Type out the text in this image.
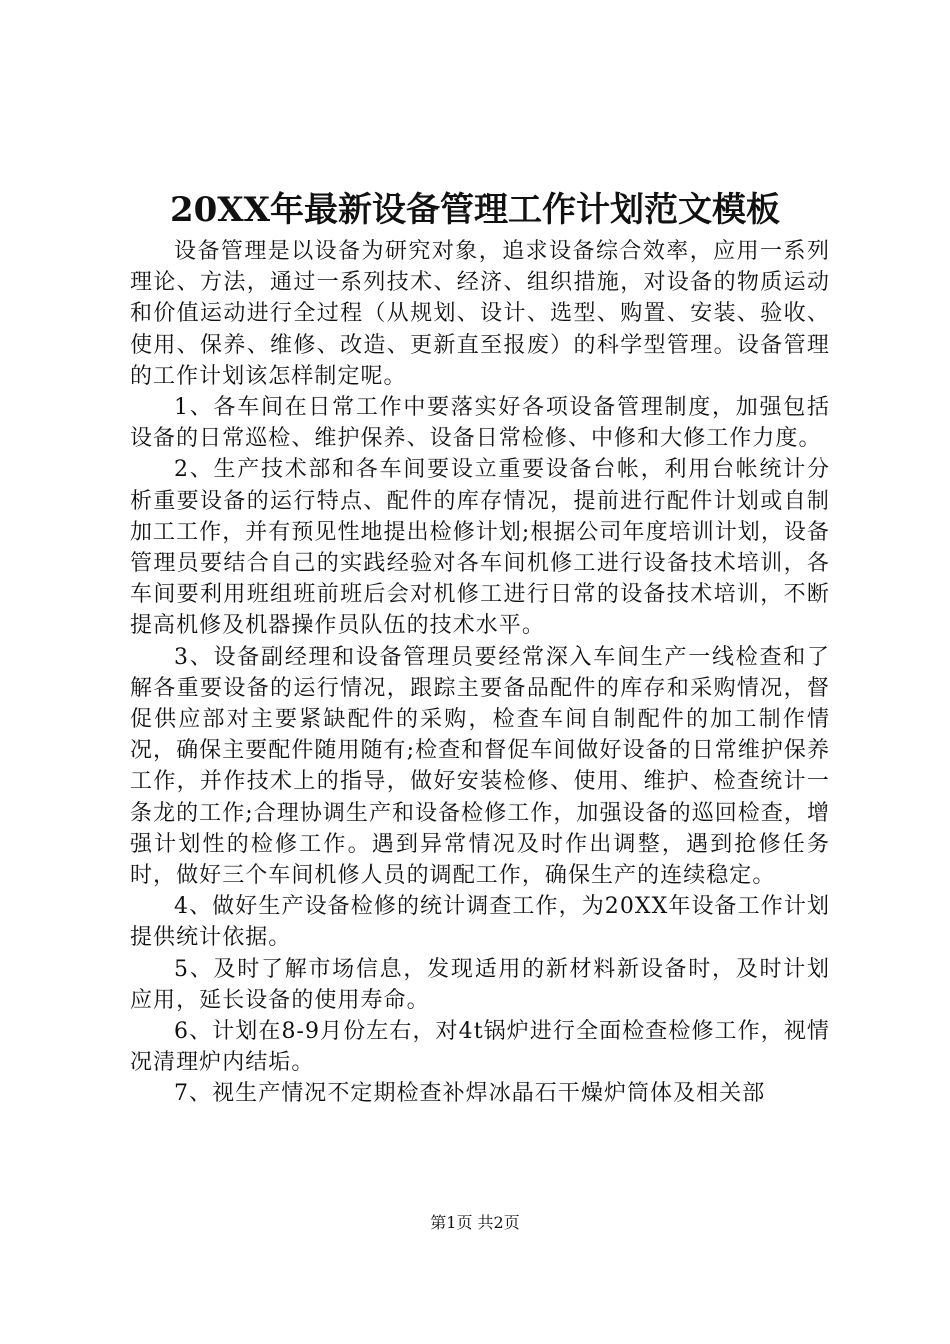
20XX年最新设备管理工作计划范文模板

设备管理是以设备为研究对象，追求设备综合效率，应用一系列理论、方法，通过一系列技术、经济、组织措施，对设备的物质运动和价值运动进行全过程（从规划、设计、选型、购置、安装、验收、使用、保养、维修、改造、更新直至报废）的科学型管理。设备管理的工作计划该怎样制定呢。

1、各车间在日常工作中要落实好各项设备管理制度，加强包括设备的日常巡检、维护保养、设备日常检修、中修和大修工作力度。

2、生产技术部和各车间要设立重要设备台帐，利用台帐统计分析重要设备的运行特点、配件的库存情况，提前进行配件计划或自制加工工作，并有预见性地提出检修计划;根据公司年度培训计划，设备管理员要结合自己的实践经验对各车间机修工进行设备技术培训，各车间要利用班组班前班后会对机修工进行日常的设备技术培训，不断提高机修及机器操作员队伍的技术水平。

3、设备副经理和设备管理员要经常深入车间生产一线检查和了解各重要设备的运行情况，跟踪主要备品配件的库存和采购情况，督促供应部对主要紧缺配件的采购，检查车间自制配件的加工制作情况，确保主要配件随用随有;检查和督促车间做好设备的日常维护保养工作，并作技术上的指导，做好安装检修、使用、维护、检查统计一条龙的工作;合理协调生产和设备检修工作，加强设备的巡回检查，增强计划性的检修工作。遇到异常情况及时作出调整，遇到抢修任务时，做好三个车间机修人员的调配工作，确保生产的连续稳定。

4、做好生产设备检修的统计调查工作，为20XX年设备工作计划提供统计依据。

5、及时了解市场信息，发现适用的新材料新设备时，及时计划应用，延长设备的使用寿命。

6、计划在8-9月份左右，对4t锅炉进行全面检查检修工作，视情况清理炉内结垢。

7、视生产情况不定期检查补焊冰晶石干燥炉筒体及相关部

第1页 共2页
